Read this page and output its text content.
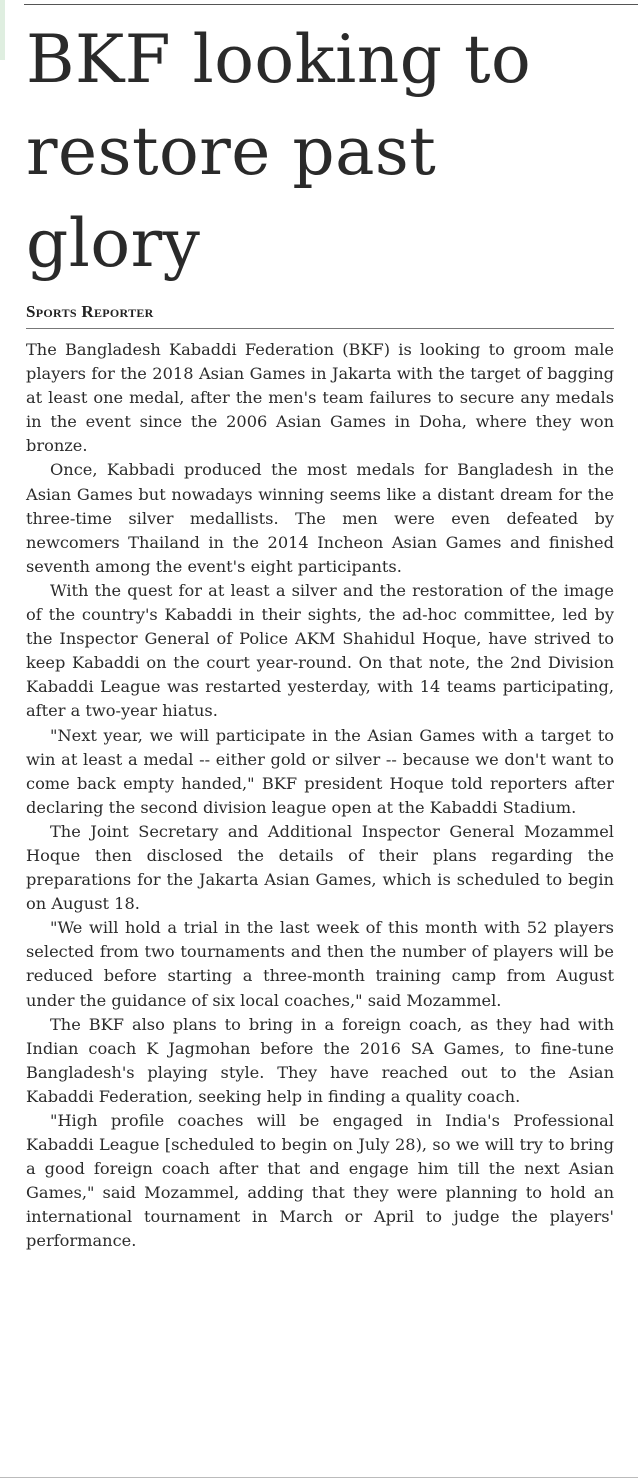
BKF looking to restore past glory
Sports Reporter

The Bangladesh Kabaddi Federation (BKF) is looking to groom male players for the 2018 Asian Games in Jakarta with the target of bagging at least one medal, after the men's team failures to secure any medals in the event since the 2006 Asian Games in Doha, where they won bronze.

Once, Kabbadi produced the most medals for Bangladesh in the Asian Games but nowadays winning seems like a distant dream for the three-time silver medallists. The men were even defeated by newcomers Thailand in the 2014 Incheon Asian Games and finished seventh among the event's eight participants.

With the quest for at least a silver and the restoration of the image of the country's Kabaddi in their sights, the ad-hoc committee, led by the Inspector General of Police AKM Shahidul Hoque, have strived to keep Kabaddi on the court year-round. On that note, the 2nd Division Kabaddi League was restarted yesterday, with 14 teams participating, after a two-year hiatus.

"Next year, we will participate in the Asian Games with a target to win at least a medal -- either gold or silver -- because we don't want to come back empty handed," BKF president Hoque told reporters after declaring the second division league open at the Kabaddi Stadium.

The Joint Secretary and Additional Inspector General Mozammel Hoque then disclosed the details of their plans regarding the preparations for the Jakarta Asian Games, which is scheduled to begin on August 18.

"We will hold a trial in the last week of this month with 52 players selected from two tournaments and then the number of players will be reduced before starting a three-month training camp from August under the guidance of six local coaches," said Mozammel.

The BKF also plans to bring in a foreign coach, as they had with Indian coach K Jagmohan before the 2016 SA Games, to fine-tune Bangladesh's playing style. They have reached out to the Asian Kabaddi Federation, seeking help in finding a quality coach.

"High profile coaches will be engaged in India's Professional Kabaddi League [scheduled to begin on July 28), so we will try to bring a good foreign coach after that and engage him till the next Asian Games," said Mozammel, adding that they were planning to hold an international tournament in March or April to judge the players' performance.
